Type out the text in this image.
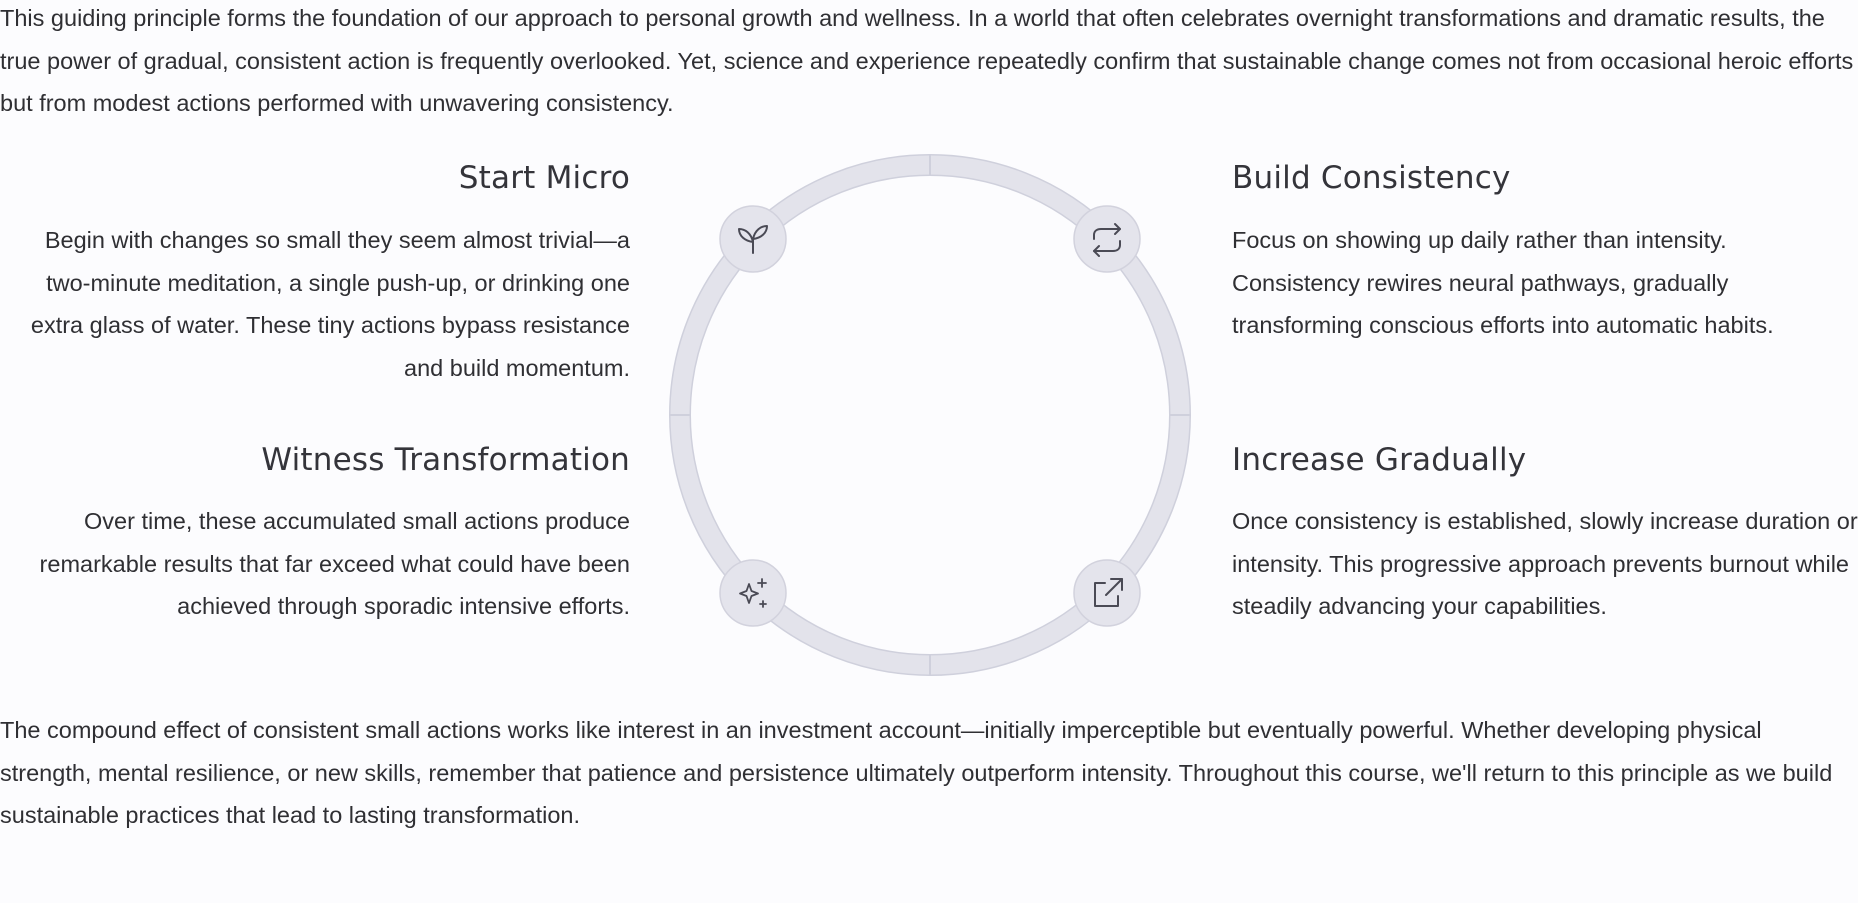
This guiding principle forms the foundation of our approach to personal growth and wellness. In a world that often celebrates overnight transformations and dramatic results, the true power of gradual, consistent action is frequently overlooked. Yet, science and experience repeatedly confirm that sustainable change comes not from occasional heroic efforts but from modest actions performed with unwavering consistency.

Start Micro

Begin with changes so small they seem almost trivial—a two-minute meditation, a single push-up, or drinking one extra glass of water. These tiny actions bypass resistance and build momentum.

Witness Transformation

Over time, these accumulated small actions produce remarkable results that far exceed what could have been achieved through sporadic intensive efforts.

Build Consistency

Focus on showing up daily rather than intensity. Consistency rewires neural pathways, gradually transforming conscious efforts into automatic habits.

Increase Gradually

Once consistency is established, slowly increase duration or intensity. This progressive approach prevents burnout while steadily advancing your capabilities.

The compound effect of consistent small actions works like interest in an investment account—initially imperceptible but eventually powerful. Whether developing physical strength, mental resilience, or new skills, remember that patience and persistence ultimately outperform intensity. Throughout this course, we'll return to this principle as we build sustainable practices that lead to lasting transformation.
